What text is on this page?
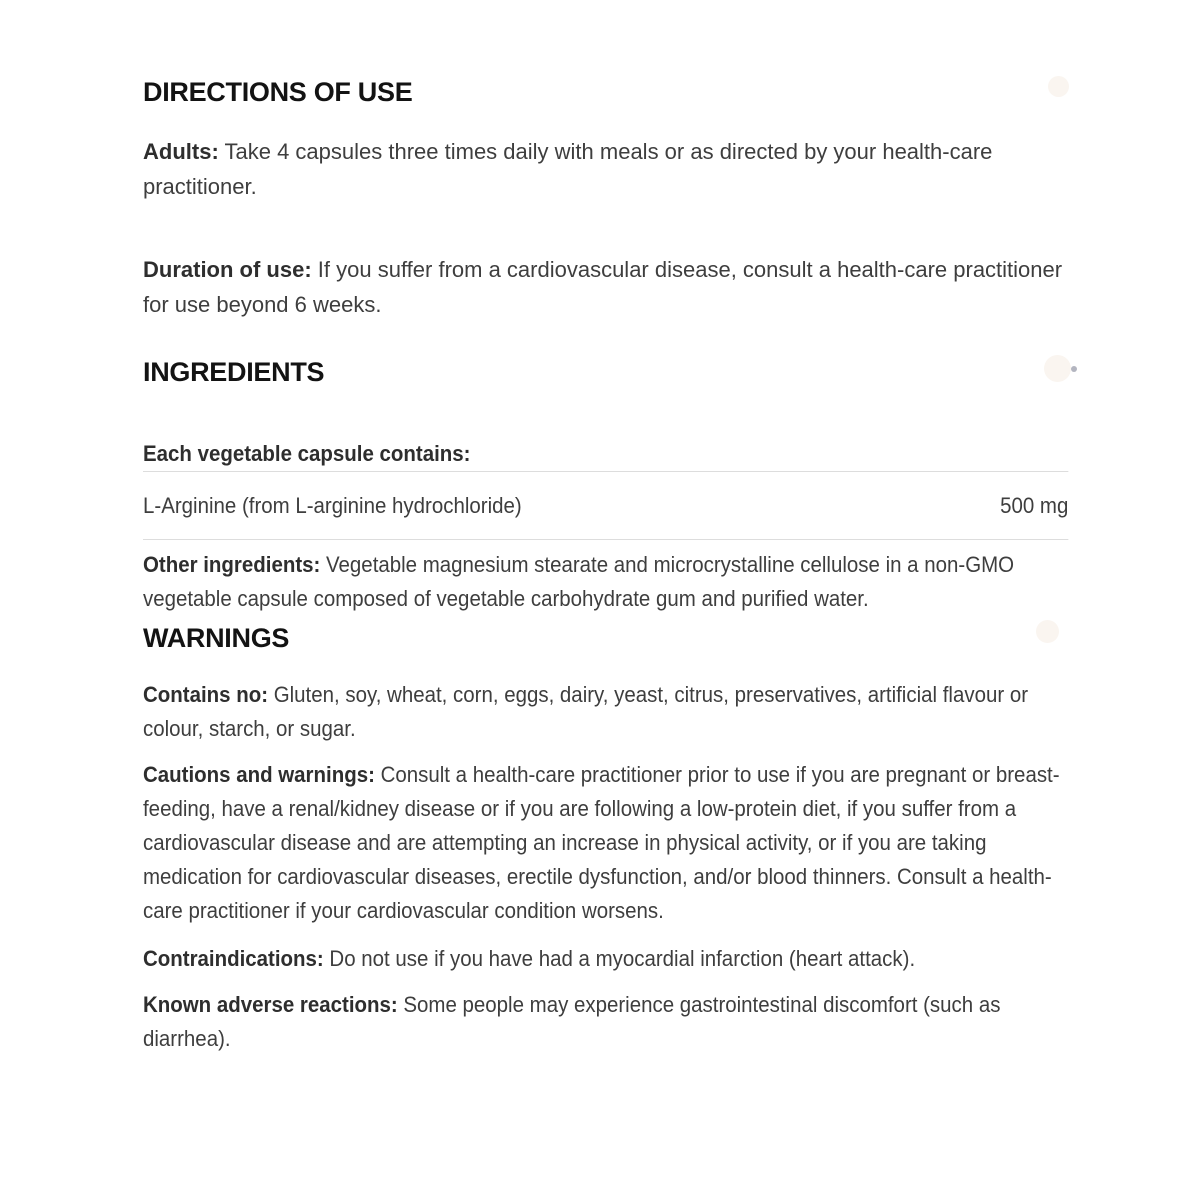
DIRECTIONS OF USE

Adults: Take 4 capsules three times daily with meals or as directed by your health-care practitioner.

Duration of use: If you suffer from a cardiovascular disease, consult a health-care practitioner for use beyond 6 weeks.

INGREDIENTS
Each vegetable capsule contains:
L-Arginine (from L-arginine hydrochloride)	500 mg

Other ingredients: Vegetable magnesium stearate and microcrystalline cellulose in a non-GMO vegetable capsule composed of vegetable carbohydrate gum and purified water.

WARNINGS

Contains no: Gluten, soy, wheat, corn, eggs, dairy, yeast, citrus, preservatives, artificial flavour or colour, starch, or sugar.

Cautions and warnings: Consult a health-care practitioner prior to use if you are pregnant or breast-feeding, have a renal/kidney disease or if you are following a low-protein diet, if you suffer from a cardiovascular disease and are attempting an increase in physical activity, or if you are taking medication for cardiovascular diseases, erectile dysfunction, and/or blood thinners. Consult a health-care practitioner if your cardiovascular condition worsens.

Contraindications: Do not use if you have had a myocardial infarction (heart attack).

Known adverse reactions: Some people may experience gastrointestinal discomfort (such as diarrhea).
